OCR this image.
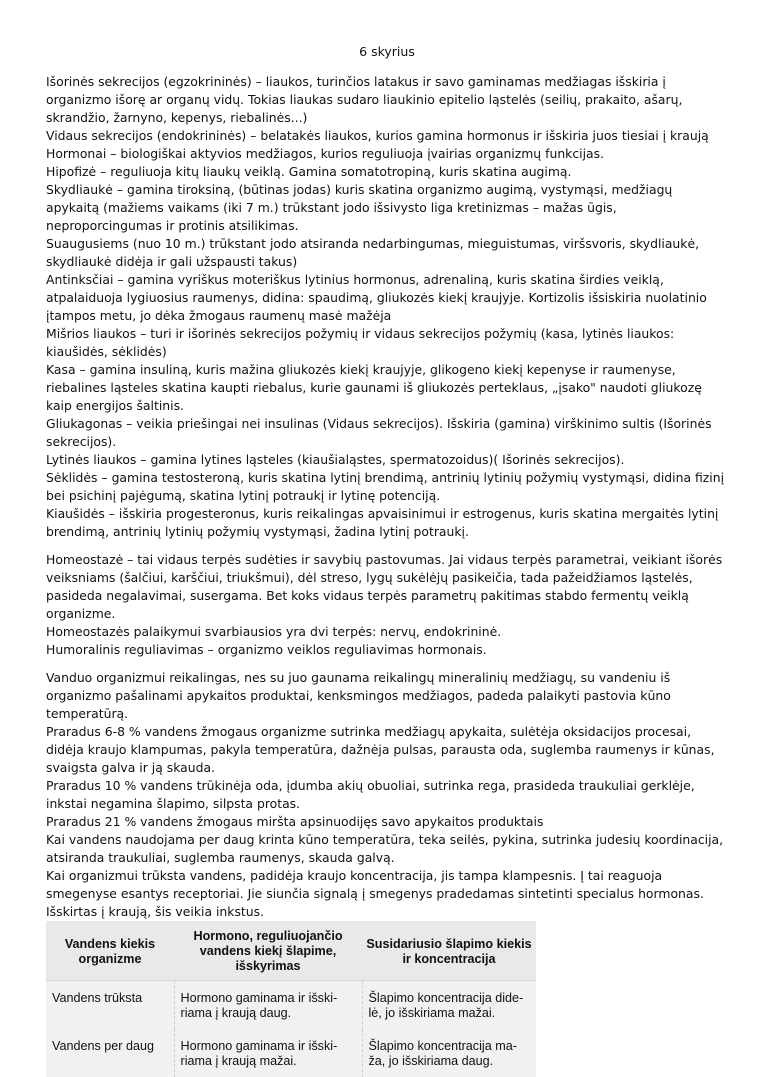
6 skyrius

Išorinės sekrecijos (egzokrininės) – liaukos, turinčios latakus ir savo gaminamas medžiagas išskiria į organizmo išorę ar organų vidų. Tokias liaukas sudaro liaukinio epitelio ląstelės (seilių, prakaito, ašarų, skrandžio, žarnyno, kepenys, riebalinės...)

Vidaus sekrecijos (endokrininės) – belatakės liaukos, kurios gamina hormonus ir išskiria juos tiesiai į kraują

Hormonai – biologiškai aktyvios medžiagos, kurios reguliuoja įvairias organizmų funkcijas.

Hipofizė – reguliuoja kitų liaukų veiklą. Gamina somatotropiną, kuris skatina augimą.

Skydliaukė – gamina tiroksiną, (būtinas jodas) kuris skatina organizmo augimą, vystymąsi, medžiagų apykaitą (mažiems vaikams (iki 7 m.) trūkstant jodo išsivysto liga kretinizmas – mažas ūgis, neproporcingumas ir protinis atsilikimas.

Suaugusiems (nuo 10 m.) trūkstant jodo atsiranda nedarbingumas, mieguistumas, viršsvoris, skydliaukė, skydliaukė didėja ir gali užspausti takus)

Antinksčiai – gamina vyriškus moteriškus lytinius hormonus, adrenaliną, kuris skatina širdies veiklą, atpalaiduoja lygiuosius raumenys, didina: spaudimą, gliukozės kiekį kraujyje. Kortizolis išsiskiria nuolatinio įtampos metu, jo dėka žmogaus raumenų masė mažėja

Mišrios liaukos – turi ir išorinės sekrecijos požymių ir vidaus sekrecijos požymių (kasa, lytinės liaukos: kiaušidės, sėklidės)

Kasa – gamina insuliną, kuris mažina gliukozės kiekį kraujyje, glikogeno kiekį kepenyse ir raumenyse, riebalines ląsteles skatina kaupti riebalus, kurie gaunami iš gliukozės perteklaus, „įsako" naudoti gliukozę kaip energijos šaltinis.

Gliukagonas – veikia priešingai nei insulinas (Vidaus sekrecijos). Išskiria (gamina) virškinimo sultis (Išorinės sekrecijos).

Lytinės liaukos – gamina lytines ląsteles (kiaušialąstes, spermatozoidus)( Išorinės sekrecijos).

Sėklidės – gamina testosteroną, kuris skatina lytinį brendimą, antrinių lytinių požymių vystymąsi, didina fizinį bei psichinį pajėgumą, skatina lytinį potraukį ir lytinę potenciją.

Kiaušidės – išskiria progesteronus, kuris reikalingas apvaisinimui ir estrogenus, kuris skatina mergaitės lytinį brendimą, antrinių lytinių požymių vystymąsi, žadina lytinį potraukį.

Homeostazė – tai vidaus terpės sudėties ir savybių pastovumas. Jai vidaus terpės parametrai, veikiant išorės veiksniams (šalčiui, karščiui, triukšmui), dėl streso, lygų sukėlėjų pasikeičia, tada pažeidžiamos ląstelės, pasideda negalavimai, susergama. Bet koks vidaus terpės parametrų pakitimas stabdo fermentų veiklą organizme.

Homeostazės palaikymui svarbiausios yra dvi terpės: nervų, endokrininė.

Humoralinis reguliavimas – organizmo veiklos reguliavimas hormonais.

Vanduo organizmui reikalingas, nes su juo gaunama reikalingų mineralinių medžiagų, su vandeniu iš organizmo pašalinami apykaitos produktai, kenksmingos medžiagos, padeda palaikyti pastovia kūno temperatūrą.

Praradus 6-8 % vandens žmogaus organizme sutrinka medžiagų apykaita, sulėtėja oksidacijos procesai, didėja kraujo klampumas, pakyla temperatūra, dažnėja pulsas, parausta oda, suglemba raumenys ir kūnas, svaigsta galva ir ją skauda.

Praradus 10 % vandens trūkinėja oda, įdumba akių obuoliai, sutrinka rega, prasideda traukuliai gerklėje, inkstai negamina šlapimo, silpsta protas.

Praradus 21 % vandens žmogaus miršta apsinuodijęs savo apykaitos produktais

Kai vandens naudojama per daug krinta kūno temperatūra, teka seilės, pykina, sutrinka judesių koordinacija, atsiranda traukuliai, suglemba raumenys, skauda galvą.

Kai organizmui trūksta vandens, padidėja kraujo koncentracija, jis tampa klampesnis. Į tai reaguoja smegenyse esantys receptoriai. Jie siunčia signalą į smegenys pradedamas sintetinti specialus hormonas. Išskirtas į kraują, šis veikia inkstus.

Vandens kiekis organizme	Hormono, reguliuojančio vandens kiekį šlapime, išskyrimas	Susidariusio šlapimo kiekis ir koncentracija
Vandens trūksta	Hormono gaminama ir išski-riama į kraują daug.	Šlapimo koncentracija dide-lė, jo išskiriama mažai.
Vandens per daug	Hormono gaminama ir išski-riama į kraują mažai.	Šlapimo koncentracija ma-ža, jo išskiriama daug.
